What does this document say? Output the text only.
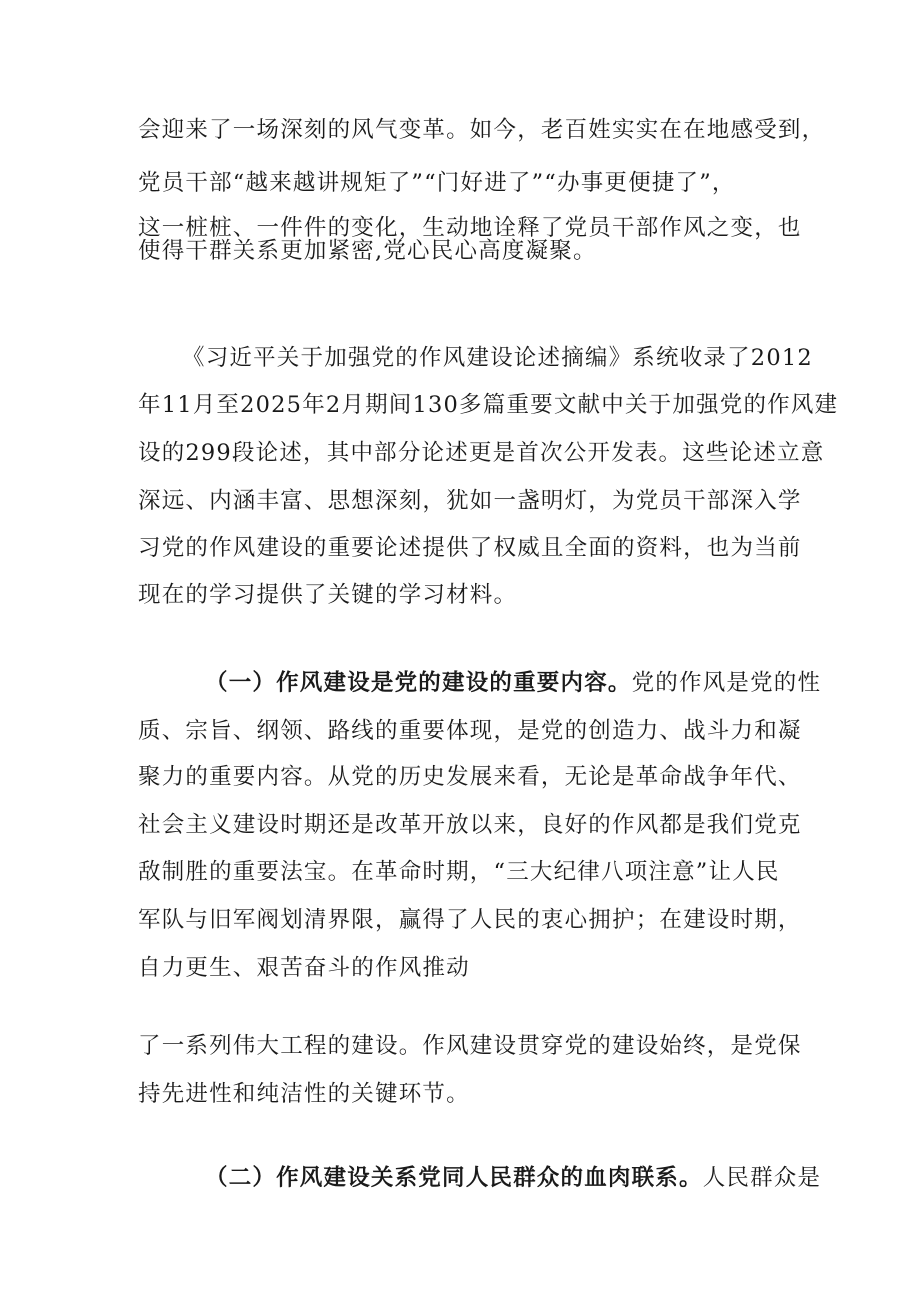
会迎来了一场深刻的风气变革。如今，老百姓实实在在地感受到，
党员干部“越来越讲规矩了”“门好进了”“办事更便捷了”，
这一桩桩、一件件的变化，生动地诠释了党员干部作风之变，也
使得干群关系更加紧密,党心民心高度凝聚。
《习近平关于加强党的作风建设论述摘编》系统收录了2012
年11月至2025年2月期间130多篇重要文献中关于加强党的作风建
设的299段论述，其中部分论述更是首次公开发表。这些论述立意
深远、内涵丰富、思想深刻，犹如一盏明灯，为党员干部深入学
习党的作风建设的重要论述提供了权威且全面的资料，也为当前
现在的学习提供了关键的学习材料。
（一）作风建设是党的建设的重要内容。党的作风是党的性
质、宗旨、纲领、路线的重要体现，是党的创造力、战斗力和凝
聚力的重要内容。从党的历史发展来看，无论是革命战争年代、
社会主义建设时期还是改革开放以来，良好的作风都是我们党克
敌制胜的重要法宝。在革命时期，“三大纪律八项注意”让人民
军队与旧军阀划清界限，赢得了人民的衷心拥护；在建设时期，
自力更生、艰苦奋斗的作风推动
了一系列伟大工程的建设。作风建设贯穿党的建设始终，是党保
持先进性和纯洁性的关键环节。
（二）作风建设关系党同人民群众的血肉联系。人民群众是
